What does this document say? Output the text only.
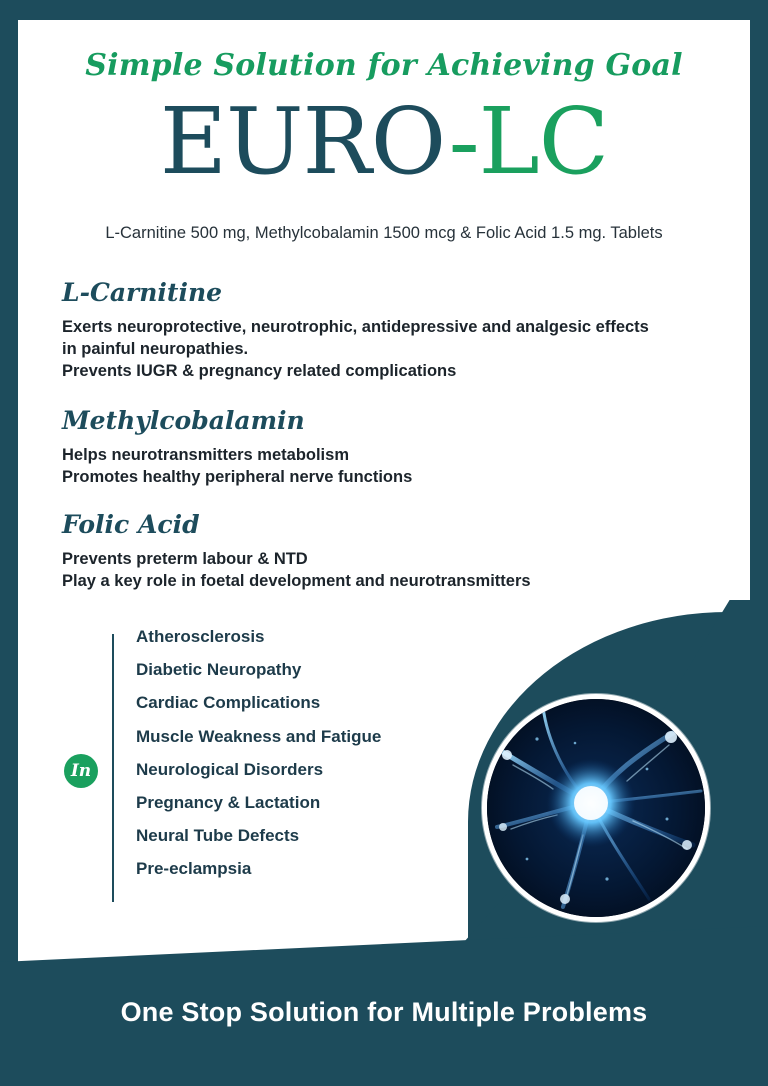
Simple Solution for Achieving Goal
EURO-LC
L-Carnitine 500 mg, Methylcobalamin 1500 mcg & Folic Acid 1.5 mg. Tablets
L-Carnitine
Exerts neuroprotective, neurotrophic, antidepressive and analgesic effects
in painful neuropathies.
Prevents IUGR & pregnancy related complications
Methylcobalamin
Helps neurotransmitters metabolism
Promotes healthy peripheral nerve functions
Folic Acid
Prevents preterm labour & NTD
Play a key role in foetal development and neurotransmitters
In
Atherosclerosis
Diabetic Neuropathy
Cardiac Complications
Muscle Weakness and Fatigue
Neurological Disorders
Pregnancy & Lactation
Neural Tube Defects
Pre-eclampsia
One Stop Solution for Multiple Problems
